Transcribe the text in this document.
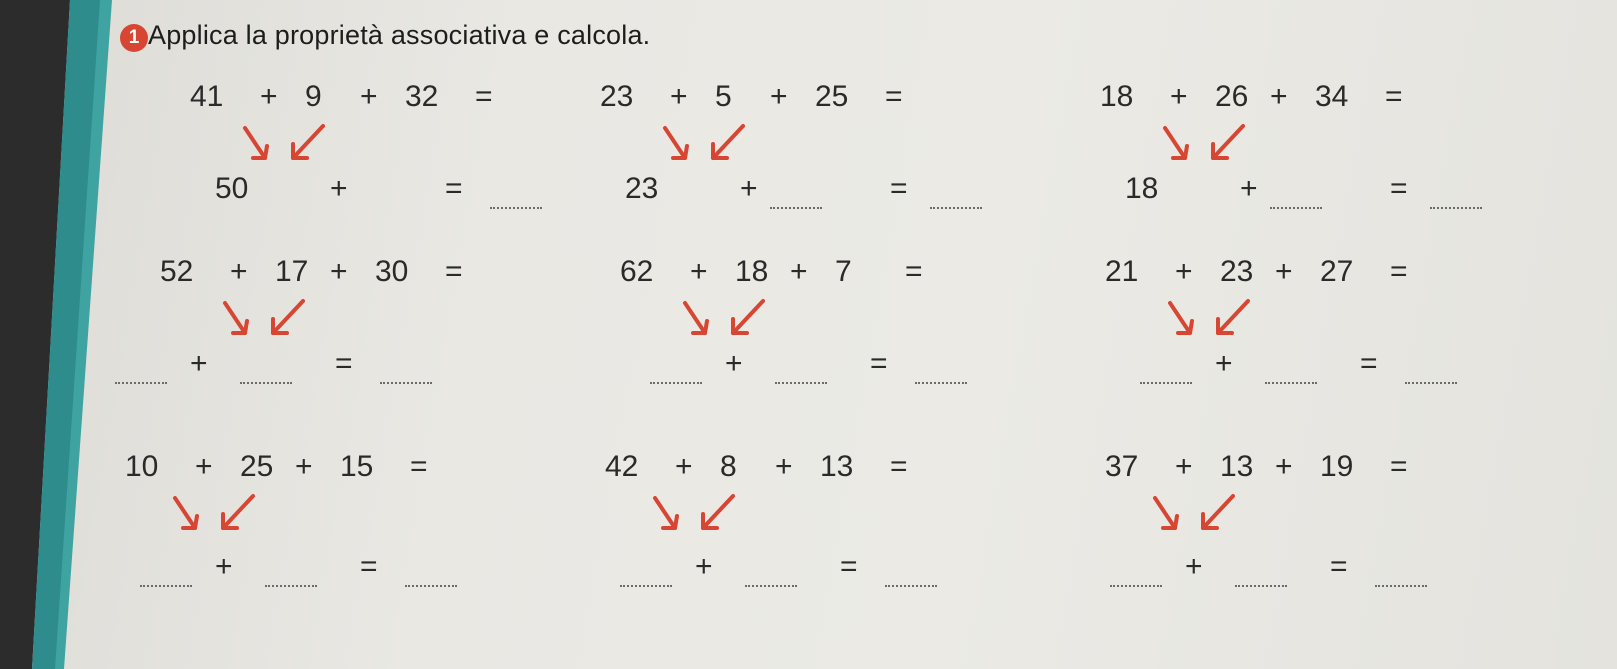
1 Applica la proprietà associativa e calcola.
41 + 9 + 32 =
50	+	=
23 + 5 + 25 =
23	+	=
18 + 26 + 34 =
18	+	=
52 + 17 + 30 =
+	=
62 + 18 + 7 =
+	=
21 + 23 + 27 =
+	=
10 + 25 + 15 =
+	=
42 + 8 + 13 =
+	=
37 + 13 + 19 =
+	=
